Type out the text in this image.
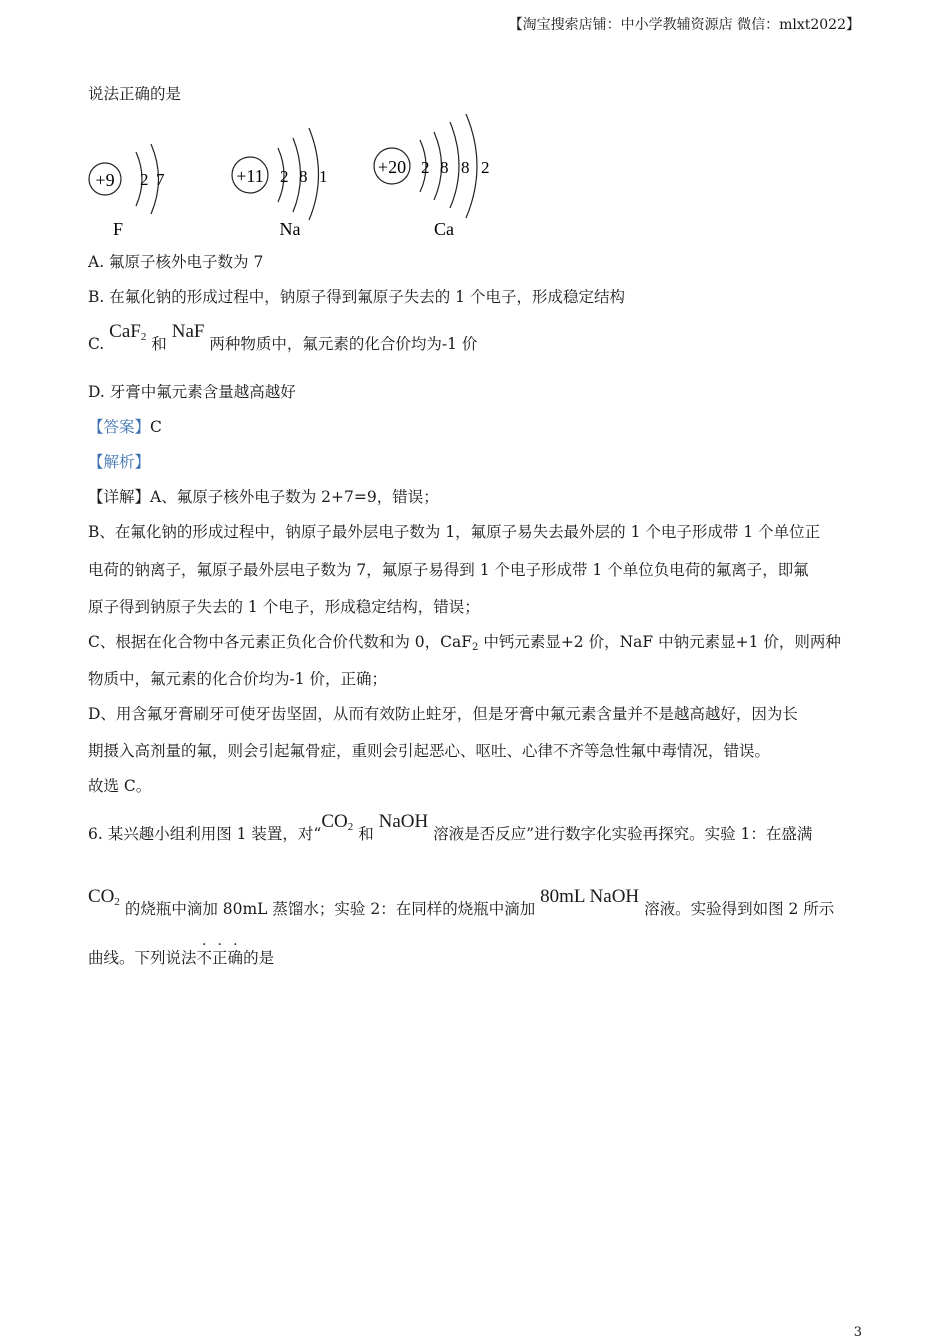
【淘宝搜索店铺：中小学教辅资源店 微信：mlxt2022】
说法正确的是
+9 2 7
F
+11 2 8 1
Na
+20 2 8 8 2
Ca
A. 氟原子核外电子数为 7
B. 在氟化钠的形成过程中，钠原子得到氟原子失去的 1 个电子，形成稳定结构
C. CaF2 和 NaF 两种物质中，氟元素的化合价均为-1 价
D. 牙膏中氟元素含量越高越好
【答案】C
【解析】
【详解】A、氟原子核外电子数为 2+7=9，错误；
B、在氟化钠的形成过程中，钠原子最外层电子数为 1，氟原子易失去最外层的 1 个电子形成带 1 个单位正
电荷的钠离子，氟原子最外层电子数为 7，氟原子易得到 1 个电子形成带 1 个单位负电荷的氟离子，即氟
原子得到钠原子失去的 1 个电子，形成稳定结构，错误；
C、根据在化合物中各元素正负化合价代数和为 0，CaF2 中钙元素显+2 价，NaF 中钠元素显+1 价，则两种
物质中，氟元素的化合价均为-1 价，正确；
D、用含氟牙膏刷牙可使牙齿坚固，从而有效防止蛀牙，但是牙膏中氟元素含量并不是越高越好，因为长
期摄入高剂量的氟，则会引起氟骨症，重则会引起恶心、呕吐、心律不齐等急性氟中毒情况，错误。
故选 C。
6. 某兴趣小组利用图 1 装置，对“CO2 和 NaOH 溶液是否反应”进行数字化实验再探究。实验 1：在盛满
CO2 的烧瓶中滴加 80mL 蒸馏水；实验 2：在同样的烧瓶中滴加 80mL NaOH 溶液。实验得到如图 2 所示
曲线。下列说法
·
不
·
正
·
确的是
3
